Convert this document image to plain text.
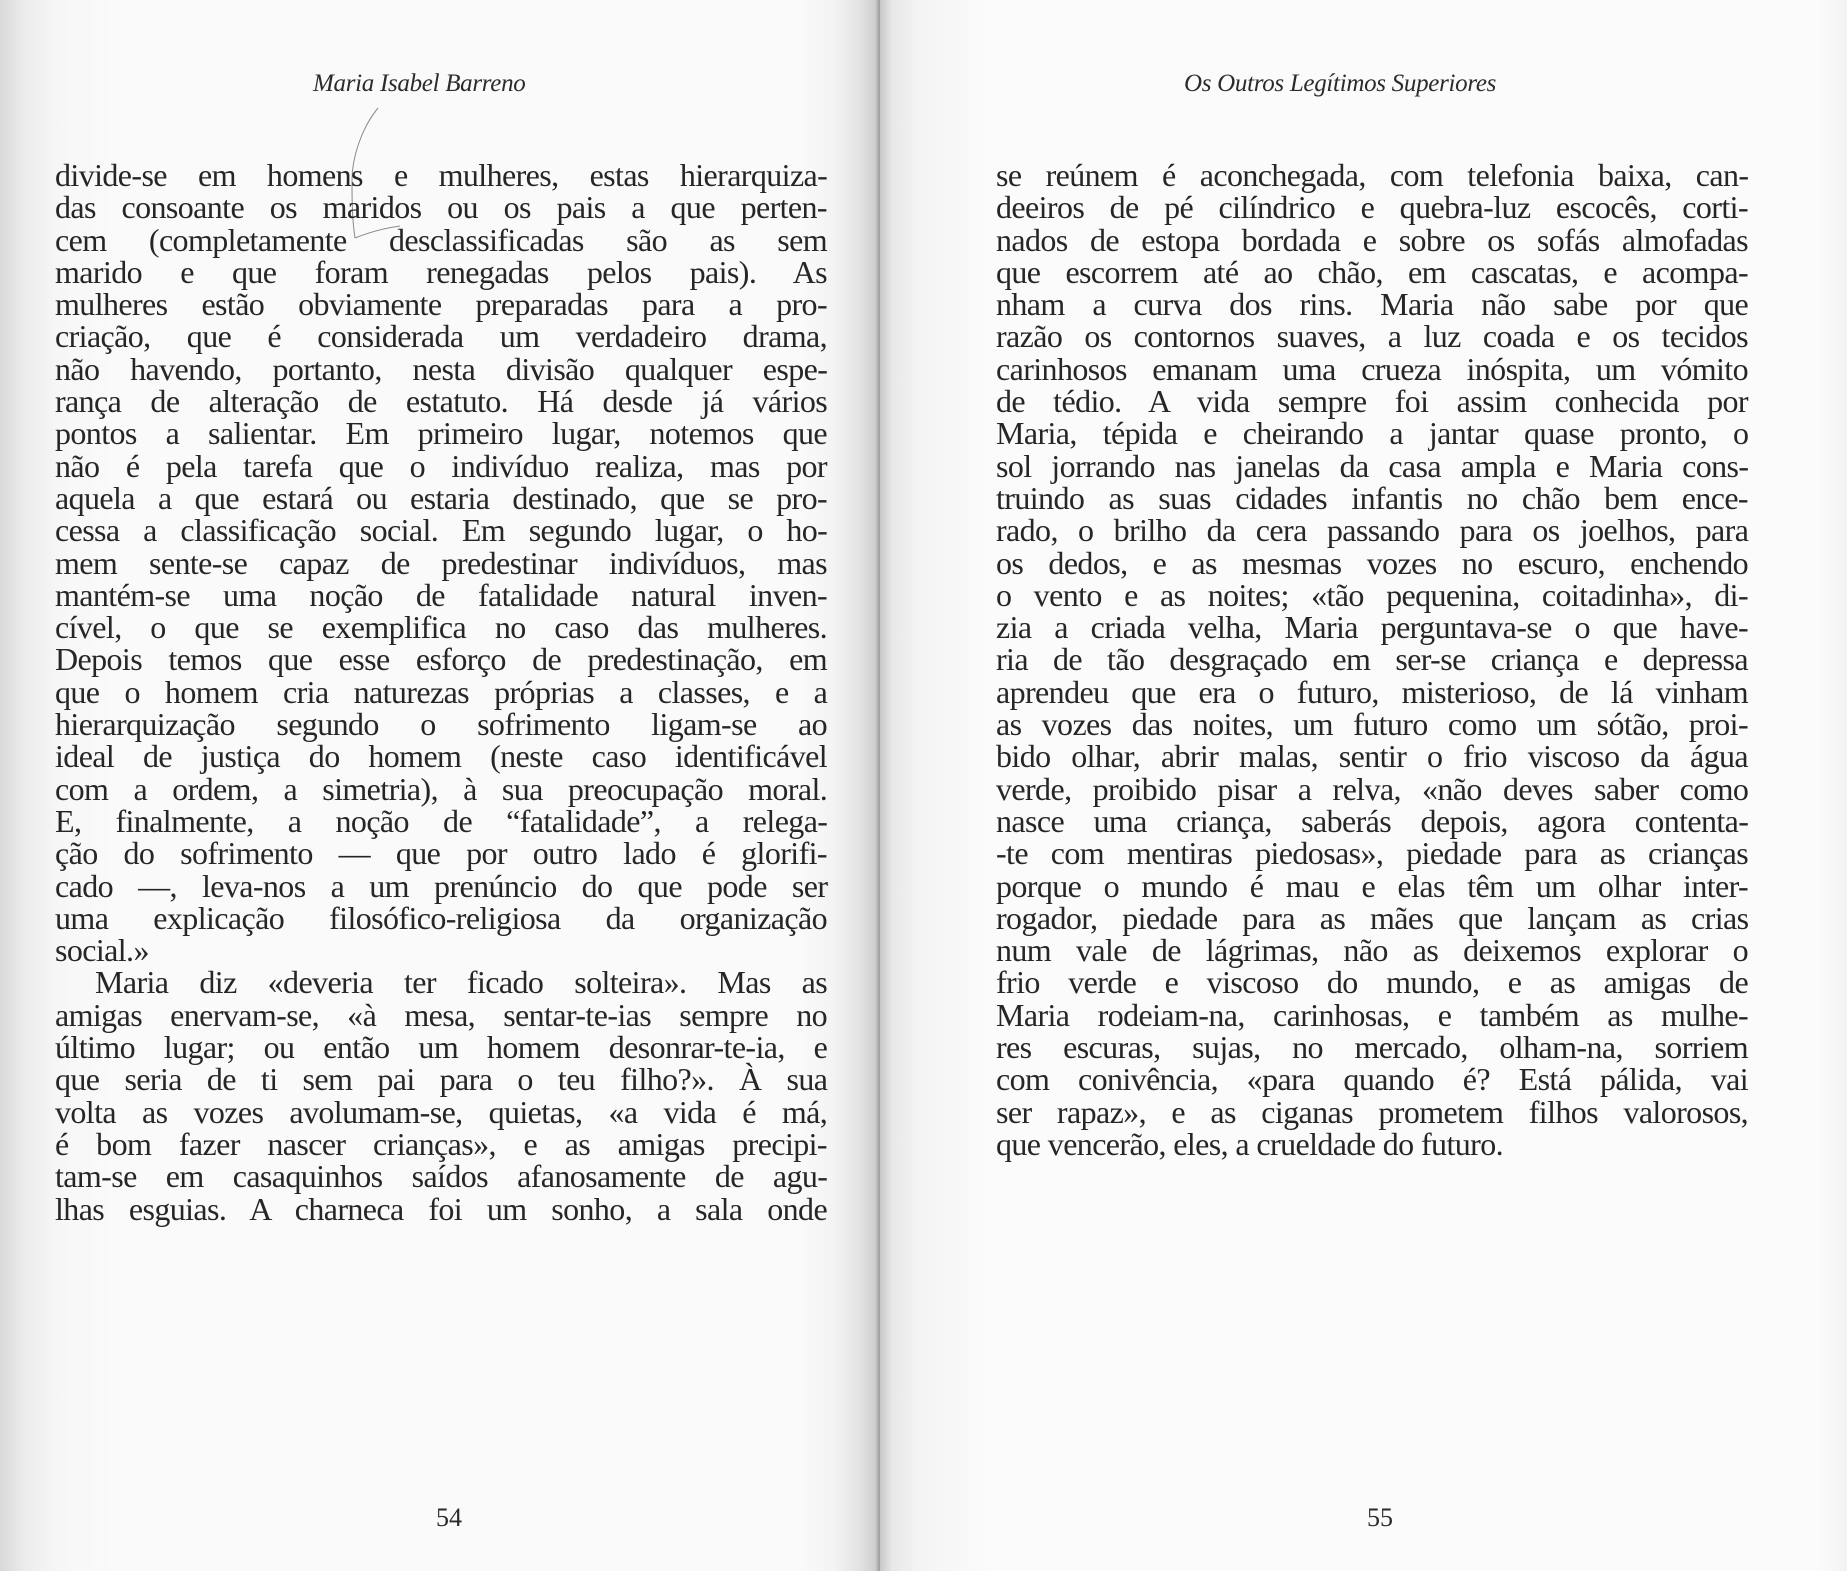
Maria Isabel Barreno
divide-se em homens e mulheres, estas hierarquiza-
das consoante os maridos ou os pais a que perten-
cem (completamente desclassificadas são as sem
marido e que foram renegadas pelos pais). As
mulheres estão obviamente preparadas para a pro-
criação, que é considerada um verdadeiro drama,
não havendo, portanto, nesta divisão qualquer espe-
rança de alteração de estatuto. Há desde já vários
pontos a salientar. Em primeiro lugar, notemos que
não é pela tarefa que o indivíduo realiza, mas por
aquela a que estará ou estaria destinado, que se pro-
cessa a classificação social. Em segundo lugar, o ho-
mem sente-se capaz de predestinar indivíduos, mas
mantém-se uma noção de fatalidade natural inven-
cível, o que se exemplifica no caso das mulheres.
Depois temos que esse esforço de predestinação, em
que o homem cria naturezas próprias a classes, e a
hierarquização segundo o sofrimento ligam-se ao
ideal de justiça do homem (neste caso identificável
com a ordem, a simetria), à sua preocupação moral.
E, finalmente, a noção de “fatalidade”, a relega-
ção do sofrimento — que por outro lado é glorifi-
cado —, leva-nos a um prenúncio do que pode ser
uma explicação filosófico-religiosa da organização
social.»
Maria diz «deveria ter ficado solteira». Mas as
amigas enervam-se, «à mesa, sentar-te-ias sempre no
último lugar; ou então um homem desonrar-te-ia, e
que seria de ti sem pai para o teu filho?». À sua
volta as vozes avolumam-se, quietas, «a vida é má,
é bom fazer nascer crianças», e as amigas precipi-
tam-se em casaquinhos saídos afanosamente de agu-
lhas esguias. A charneca foi um sonho, a sala onde
54
Os Outros Legítimos Superiores
se reúnem é aconchegada, com telefonia baixa, can-
deeiros de pé cilíndrico e quebra-luz escocês, corti-
nados de estopa bordada e sobre os sofás almofadas
que escorrem até ao chão, em cascatas, e acompa-
nham a curva dos rins. Maria não sabe por que
razão os contornos suaves, a luz coada e os tecidos
carinhosos emanam uma crueza inóspita, um vómito
de tédio. A vida sempre foi assim conhecida por
Maria, tépida e cheirando a jantar quase pronto, o
sol jorrando nas janelas da casa ampla e Maria cons-
truindo as suas cidades infantis no chão bem ence-
rado, o brilho da cera passando para os joelhos, para
os dedos, e as mesmas vozes no escuro, enchendo
o vento e as noites; «tão pequenina, coitadinha», di-
zia a criada velha, Maria perguntava-se o que have-
ria de tão desgraçado em ser-se criança e depressa
aprendeu que era o futuro, misterioso, de lá vinham
as vozes das noites, um futuro como um sótão, proi-
bido olhar, abrir malas, sentir o frio viscoso da água
verde, proibido pisar a relva, «não deves saber como
nasce uma criança, saberás depois, agora contenta-
-te com mentiras piedosas», piedade para as crianças
porque o mundo é mau e elas têm um olhar inter-
rogador, piedade para as mães que lançam as crias
num vale de lágrimas, não as deixemos explorar o
frio verde e viscoso do mundo, e as amigas de
Maria rodeiam-na, carinhosas, e também as mulhe-
res escuras, sujas, no mercado, olham-na, sorriem
com conivência, «para quando é? Está pálida, vai
ser rapaz», e as ciganas prometem filhos valorosos,
que vencerão, eles, a crueldade do futuro.
55
